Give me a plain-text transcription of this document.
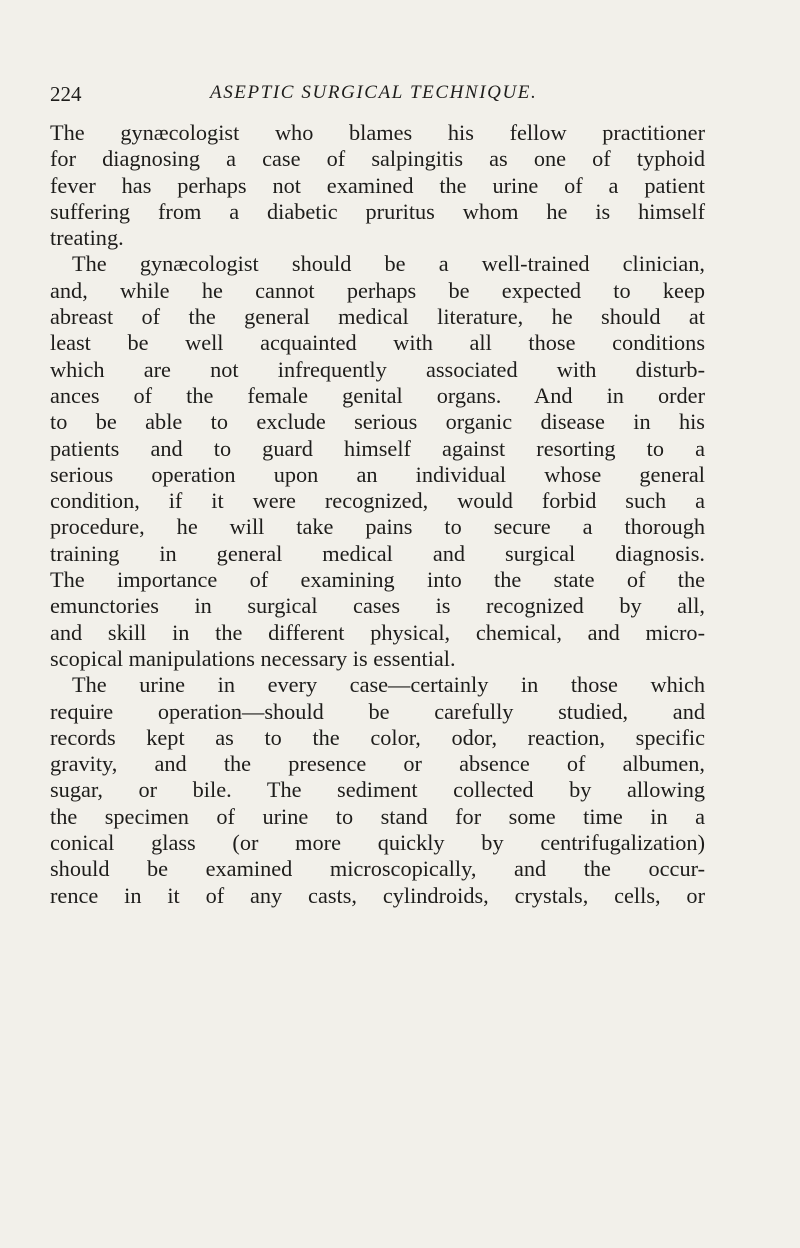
224	ASEPTIC SURGICAL TECHNIQUE.
The gynæcologist who blames his fellow practitioner
for diagnosing a case of salpingitis as one of typhoid
fever has perhaps not examined the urine of a patient
suffering from a diabetic pruritus whom he is himself
treating.
The gynæcologist should be a well-trained clinician,
and, while he cannot perhaps be expected to keep
abreast of the general medical literature, he should at
least be well acquainted with all those conditions
which are not infrequently associated with disturb-
ances of the female genital organs. And in order
to be able to exclude serious organic disease in his
patients and to guard himself against resorting to a
serious operation upon an individual whose general
condition, if it were recognized, would forbid such a
procedure, he will take pains to secure a thorough
training in general medical and surgical diagnosis.
The importance of examining into the state of the
emunctories in surgical cases is recognized by all,
and skill in the different physical, chemical, and micro-
scopical manipulations necessary is essential.
The urine in every case—certainly in those which
require operation—should be carefully studied, and
records kept as to the color, odor, reaction, specific
gravity, and the presence or absence of albumen,
sugar, or bile. The sediment collected by allowing
the specimen of urine to stand for some time in a
conical glass (or more quickly by centrifugalization)
should be examined microscopically, and the occur-
rence in it of any casts, cylindroids, crystals, cells, or
